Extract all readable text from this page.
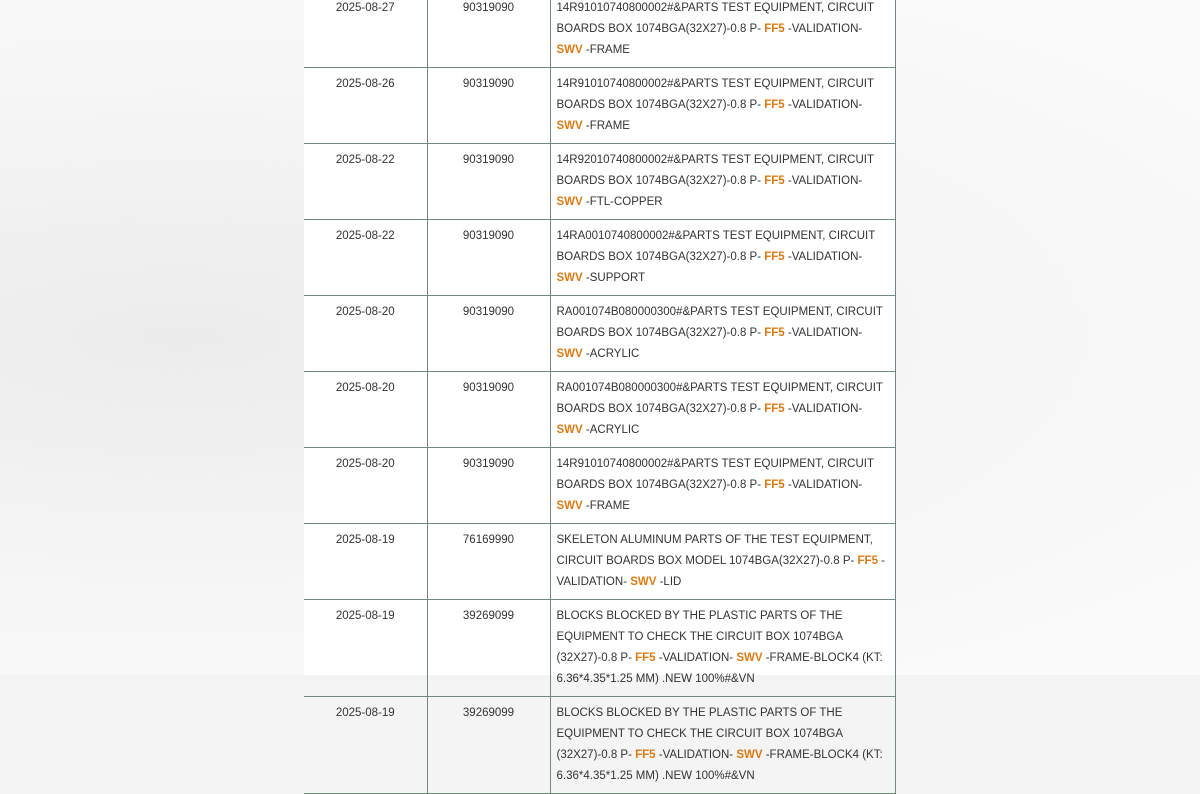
2025-08-27	90319090	14R91010740800002#&PARTS TEST EQUIPMENT, CIRCUIT BOARDS BOX 1074BGA(32X27)-0.8 P- FF5 -VALIDATION- SWV -FRAME
2025-08-26	90319090	14R91010740800002#&PARTS TEST EQUIPMENT, CIRCUIT BOARDS BOX 1074BGA(32X27)-0.8 P- FF5 -VALIDATION- SWV -FRAME
2025-08-22	90319090	14R92010740800002#&PARTS TEST EQUIPMENT, CIRCUIT BOARDS BOX 1074BGA(32X27)-0.8 P- FF5 -VALIDATION- SWV -FTL-COPPER
2025-08-22	90319090	14RA0010740800002#&PARTS TEST EQUIPMENT, CIRCUIT BOARDS BOX 1074BGA(32X27)-0.8 P- FF5 -VALIDATION- SWV -SUPPORT
2025-08-20	90319090	RA001074B080000300#&PARTS TEST EQUIPMENT, CIRCUIT BOARDS BOX 1074BGA(32X27)-0.8 P- FF5 -VALIDATION- SWV -ACRYLIC
2025-08-20	90319090	RA001074B080000300#&PARTS TEST EQUIPMENT, CIRCUIT BOARDS BOX 1074BGA(32X27)-0.8 P- FF5 -VALIDATION- SWV -ACRYLIC
2025-08-20	90319090	14R91010740800002#&PARTS TEST EQUIPMENT, CIRCUIT BOARDS BOX 1074BGA(32X27)-0.8 P- FF5 -VALIDATION- SWV -FRAME
2025-08-19	76169990	SKELETON ALUMINUM PARTS OF THE TEST EQUIPMENT, CIRCUIT BOARDS BOX MODEL 1074BGA(32X27)-0.8 P- FF5 -VALIDATION- SWV -LID
2025-08-19	39269099	BLOCKS BLOCKED BY THE PLASTIC PARTS OF THE EQUIPMENT TO CHECK THE CIRCUIT BOX 1074BGA (32X27)-0.8 P- FF5 -VALIDATION- SWV -FRAME-BLOCK4 (KT: 6.36*4.35*1.25 MM) .NEW 100%#&VN
2025-08-19	39269099	BLOCKS BLOCKED BY THE PLASTIC PARTS OF THE EQUIPMENT TO CHECK THE CIRCUIT BOX 1074BGA (32X27)-0.8 P- FF5 -VALIDATION- SWV -FRAME-BLOCK4 (KT: 6.36*4.35*1.25 MM) .NEW 100%#&VN
